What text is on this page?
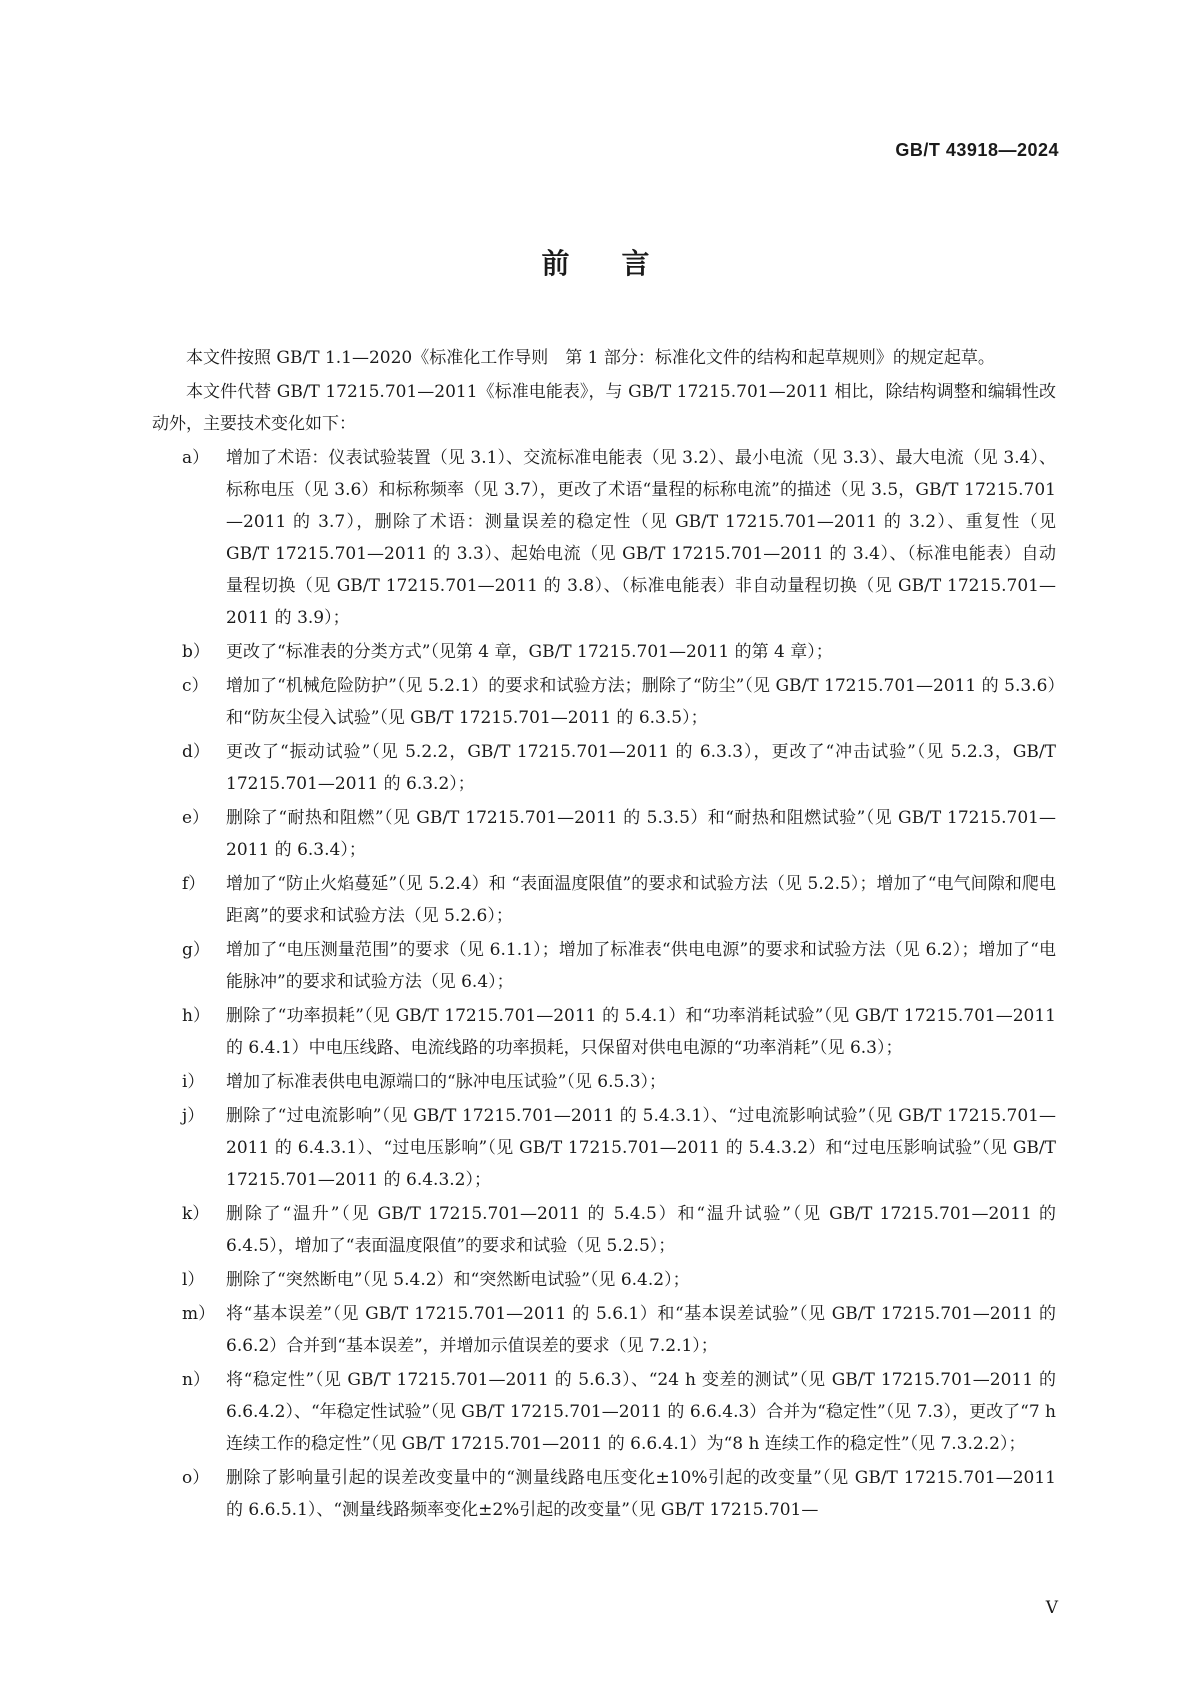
GB/T 43918—2024
前言

本文件按照 GB/T 1.1—2020《标准化工作导则　第 1 部分：标准化文件的结构和起草规则》的规定起草。

本文件代替 GB/T 17215.701—2011《标准电能表》，与 GB/T 17215.701—2011 相比，除结构调整和编辑性改动外，主要技术变化如下：

a） 增加了术语：仪表试验装置（见 3.1）、交流标准电能表（见 3.2）、最小电流（见 3.3）、最大电流（见 3.4）、标称电压（见 3.6）和标称频率（见 3.7），更改了术语“量程的标称电流”的描述（见 3.5，GB/T 17215.701—2011 的 3.7），删除了术语：测量误差的稳定性（见 GB/T 17215.701—2011 的 3.2）、重复性（见 GB/T 17215.701—2011 的 3.3）、起始电流（见 GB/T 17215.701—2011 的 3.4）、（标准电能表）自动量程切换（见 GB/T 17215.701—2011 的 3.8）、（标准电能表）非自动量程切换（见 GB/T 17215.701—2011 的 3.9）；
b） 更改了“标准表的分类方式”（见第 4 章，GB/T 17215.701—2011 的第 4 章）；
c）	增加了“机械危险防护”（见 5.2.1）的要求和试验方法；删除了“防尘”（见 GB/T 17215.701—2011 的 5.3.6）和“防灰尘侵入试验”（见 GB/T 17215.701—2011 的 6.3.5）；
d） 更改了“振动试验”（见 5.2.2，GB/T 17215.701—2011 的 6.3.3），更改了“冲击试验”（见 5.2.3，GB/T 17215.701—2011 的 6.3.2）；
e） 删除了“耐热和阻燃”（见 GB/T 17215.701—2011 的 5.3.5）和“耐热和阻燃试验”（见 GB/T 17215.701—2011 的 6.3.4）；
f）	增加了“防止火焰蔓延”（见 5.2.4）和 “表面温度限值”的要求和试验方法（见 5.2.5）；增加了“电气间隙和爬电距离”的要求和试验方法（见 5.2.6）；
g） 增加了“电压测量范围”的要求（见 6.1.1）；增加了标准表“供电电源”的要求和试验方法（见 6.2）；增加了“电能脉冲”的要求和试验方法（见 6.4）；
h） 删除了“功率损耗”（见 GB/T 17215.701—2011 的 5.4.1）和“功率消耗试验”（见 GB/T 17215.701—2011 的 6.4.1）中电压线路、电流线路的功率损耗，只保留对供电电源的“功率消耗”（见 6.3）；
i）	增加了标准表供电电源端口的“脉冲电压试验”（见 6.5.3）；
j）	删除了“过电流影响”（见 GB/T 17215.701—2011 的 5.4.3.1）、“过电流影响试验”（见 GB/T 17215.701—2011 的 6.4.3.1）、“过电压影响”（见 GB/T 17215.701—2011 的 5.4.3.2）和“过电压影响试验”（见 GB/T 17215.701—2011 的 6.4.3.2）；
k） 删除了“温升”（见 GB/T 17215.701—2011 的 5.4.5）和“温升试验”（见 GB/T 17215.701—2011 的 6.4.5），增加了“表面温度限值”的要求和试验（见 5.2.5）；
l）	删除了“突然断电”（见 5.4.2）和“突然断电试验”（见 6.4.2）；
m） 将“基本误差”（见 GB/T 17215.701—2011 的 5.6.1）和“基本误差试验”（见 GB/T 17215.701—2011 的 6.6.2）合并到“基本误差”，并增加示值误差的要求（见 7.2.1）；
n） 将“稳定性”（见 GB/T 17215.701—2011 的 5.6.3）、“24 h 变差的测试”（见 GB/T 17215.701—2011 的 6.6.4.2）、“年稳定性试验”（见 GB/T 17215.701—2011 的 6.6.4.3）合并为“稳定性”（见 7.3），更改了“7 h 连续工作的稳定性”（见 GB/T 17215.701—2011 的 6.6.4.1）为“8 h 连续工作的稳定性”（见 7.3.2.2）；
o） 删除了影响量引起的误差改变量中的“测量线路电压变化±10%引起的改变量”（见 GB/T 17215.701—2011 的 6.6.5.1）、“测量线路频率变化±2%引起的改变量”（见 GB/T 17215.701—
V
